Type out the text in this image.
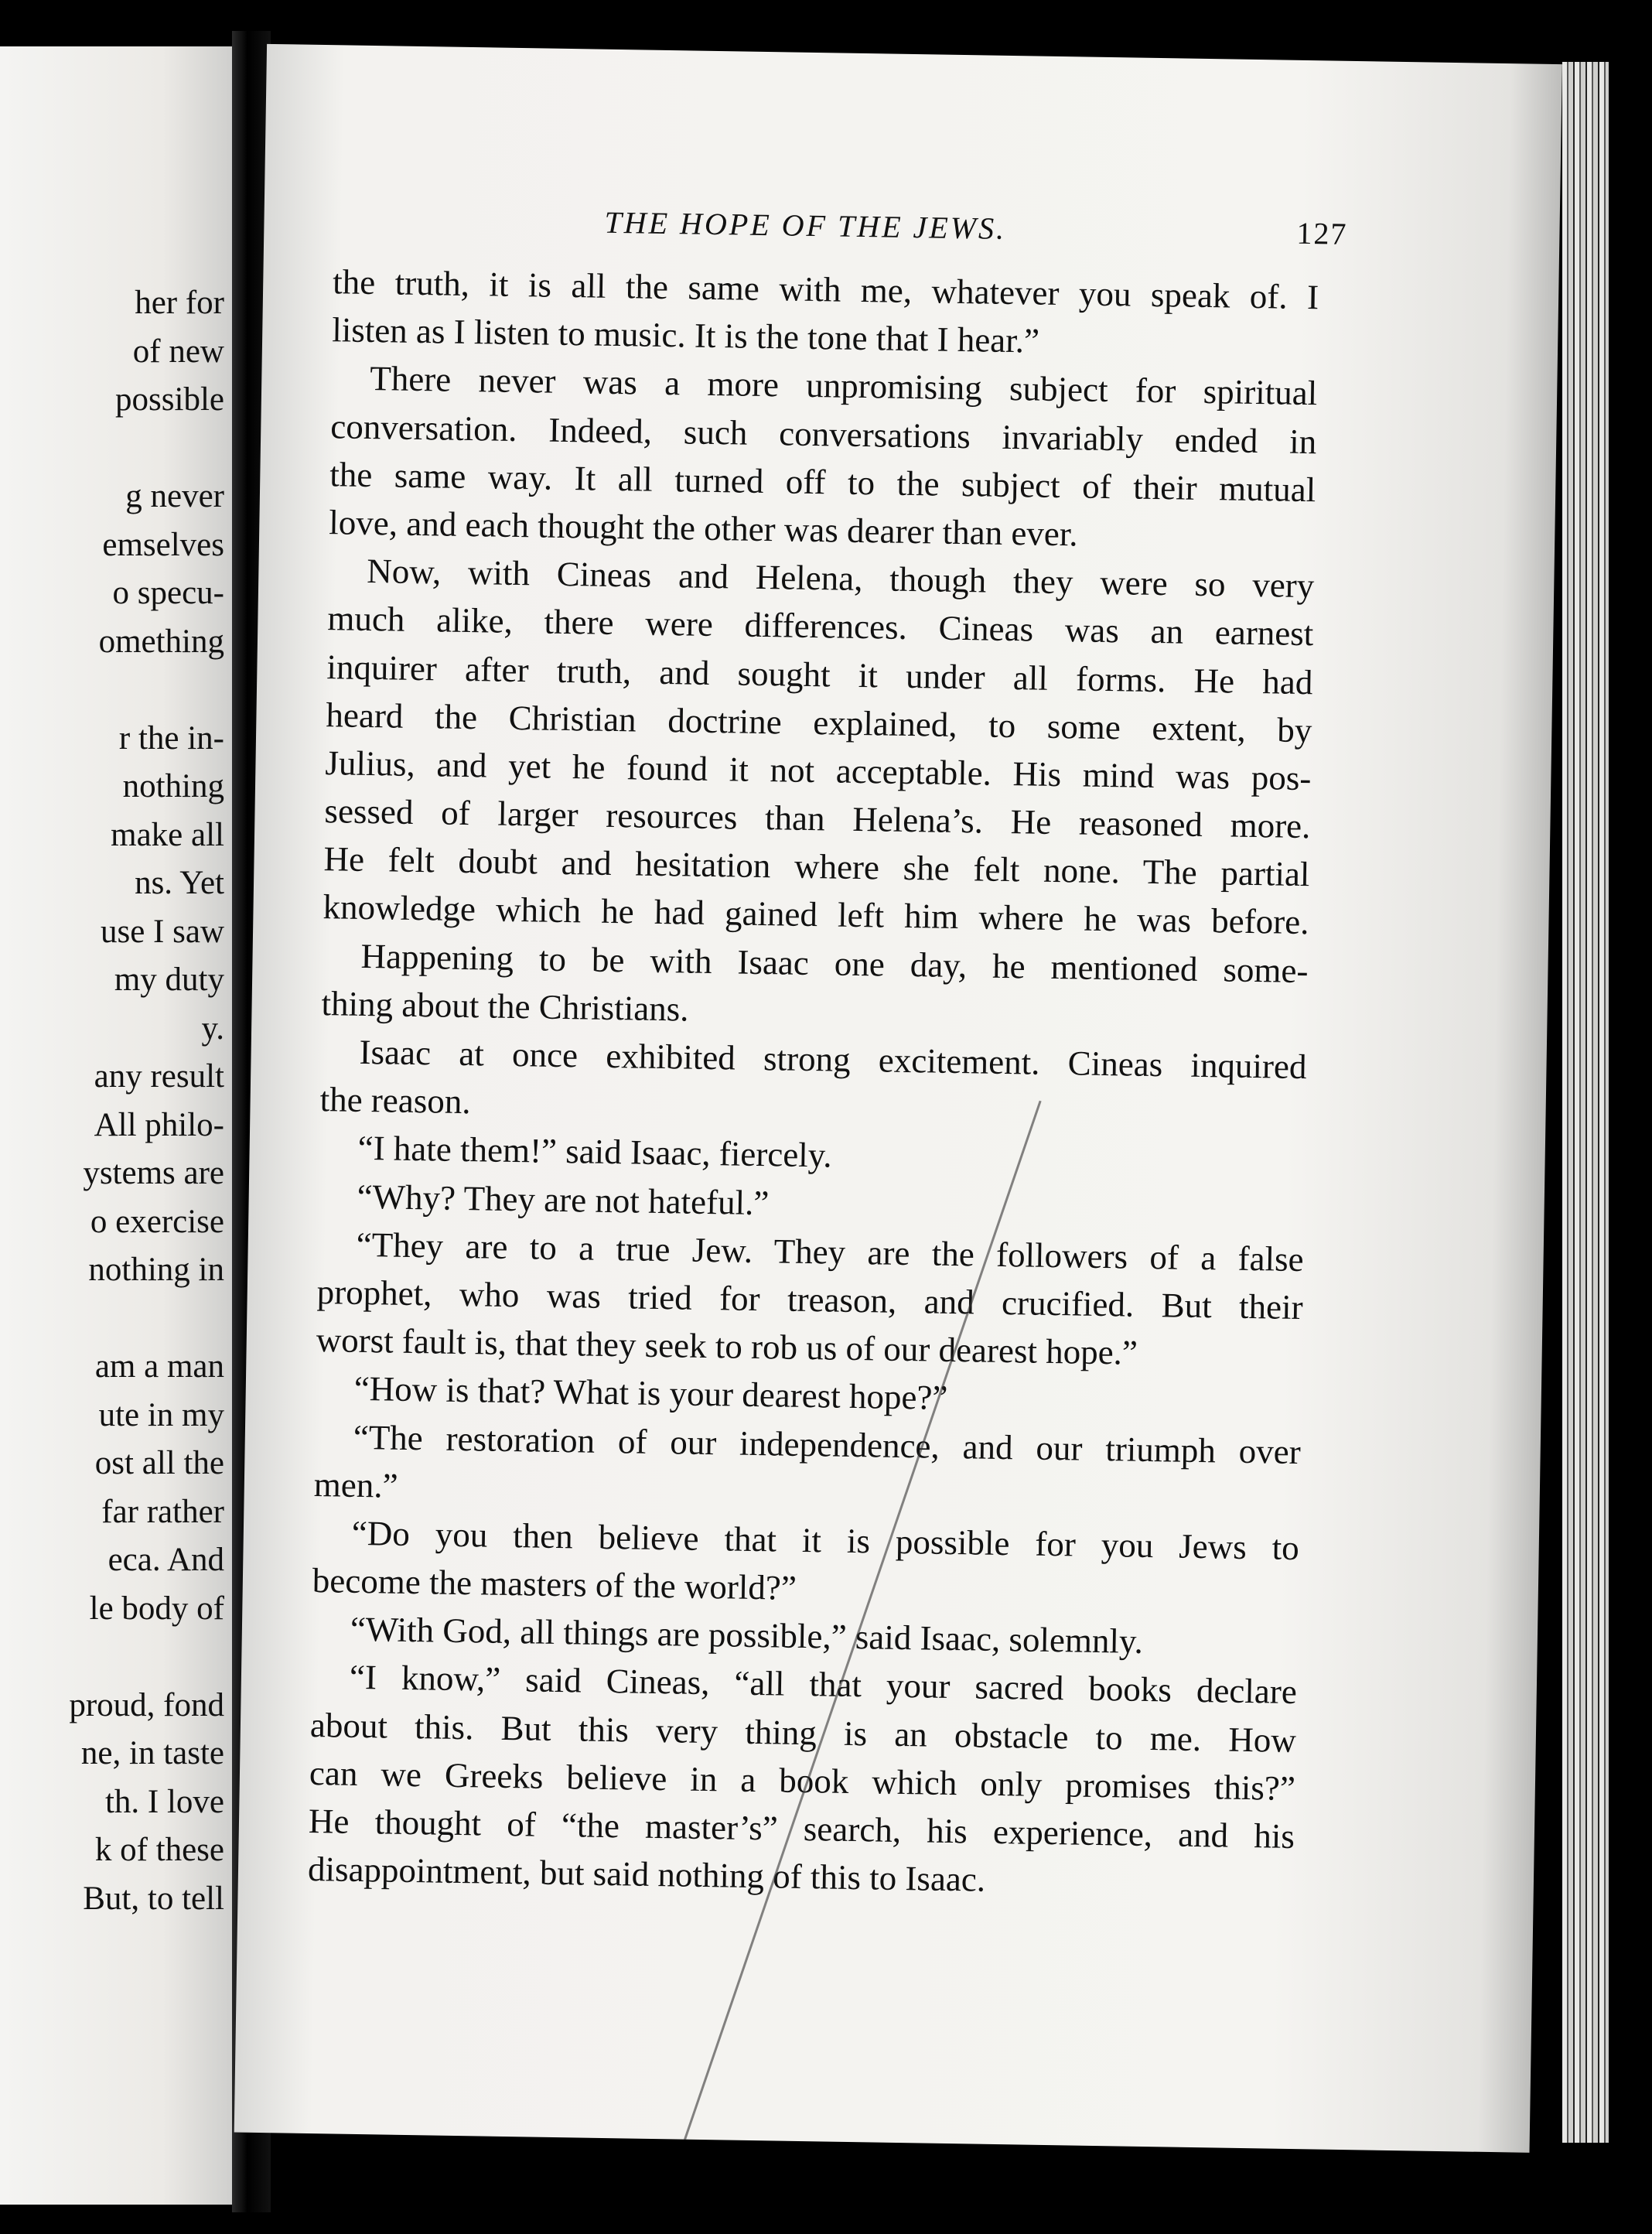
her for
of new
possible
g never
emselves
o specu-
omething
r the in-
nothing
make all
ns. Yet
use I saw
my duty
y.
any result
All philo-
ystems are
o exercise
nothing in
am a man
ute in my
ost all the
far rather
eca. And
le body of
proud, fond
ne, in taste
th. I love
k of these
But, to tell
THE HOPE OF THE JEWS.	127
the truth, it is all the same with me, whatever you speak of. I
listen as I listen to music. It is the tone that I hear.”
There never was a more unpromising subject for spiritual
conversation. Indeed, such conversations invariably ended in
the same way. It all turned off to the subject of their mutual
love, and each thought the other was dearer than ever.
Now, with Cineas and Helena, though they were so very
much alike, there were differences. Cineas was an earnest
inquirer after truth, and sought it under all forms. He had
heard the Christian doctrine explained, to some extent, by
Julius, and yet he found it not acceptable. His mind was pos-
sessed of larger resources than Helena’s. He reasoned more.
He felt doubt and hesitation where she felt none. The partial
knowledge which he had gained left him where he was before.
Happening to be with Isaac one day, he mentioned some-
thing about the Christians.
Isaac at once exhibited strong excitement. Cineas inquired
the reason.
“I hate them!” said Isaac, fiercely.
“Why? They are not hateful.”
“They are to a true Jew. They are the followers of a false
prophet, who was tried for treason, and crucified. But their
worst fault is, that they seek to rob us of our dearest hope.”
“How is that? What is your dearest hope?”
“The restoration of our independence, and our triumph over
men.”
“Do you then believe that it is possible for you Jews to
become the masters of the world?”
“With God, all things are possible,” said Isaac, solemnly.
“I know,” said Cineas, “all that your sacred books declare
about this. But this very thing is an obstacle to me. How
can we Greeks believe in a book which only promises this?”
He thought of “the master’s” search, his experience, and his
disappointment, but said nothing of this to Isaac.
